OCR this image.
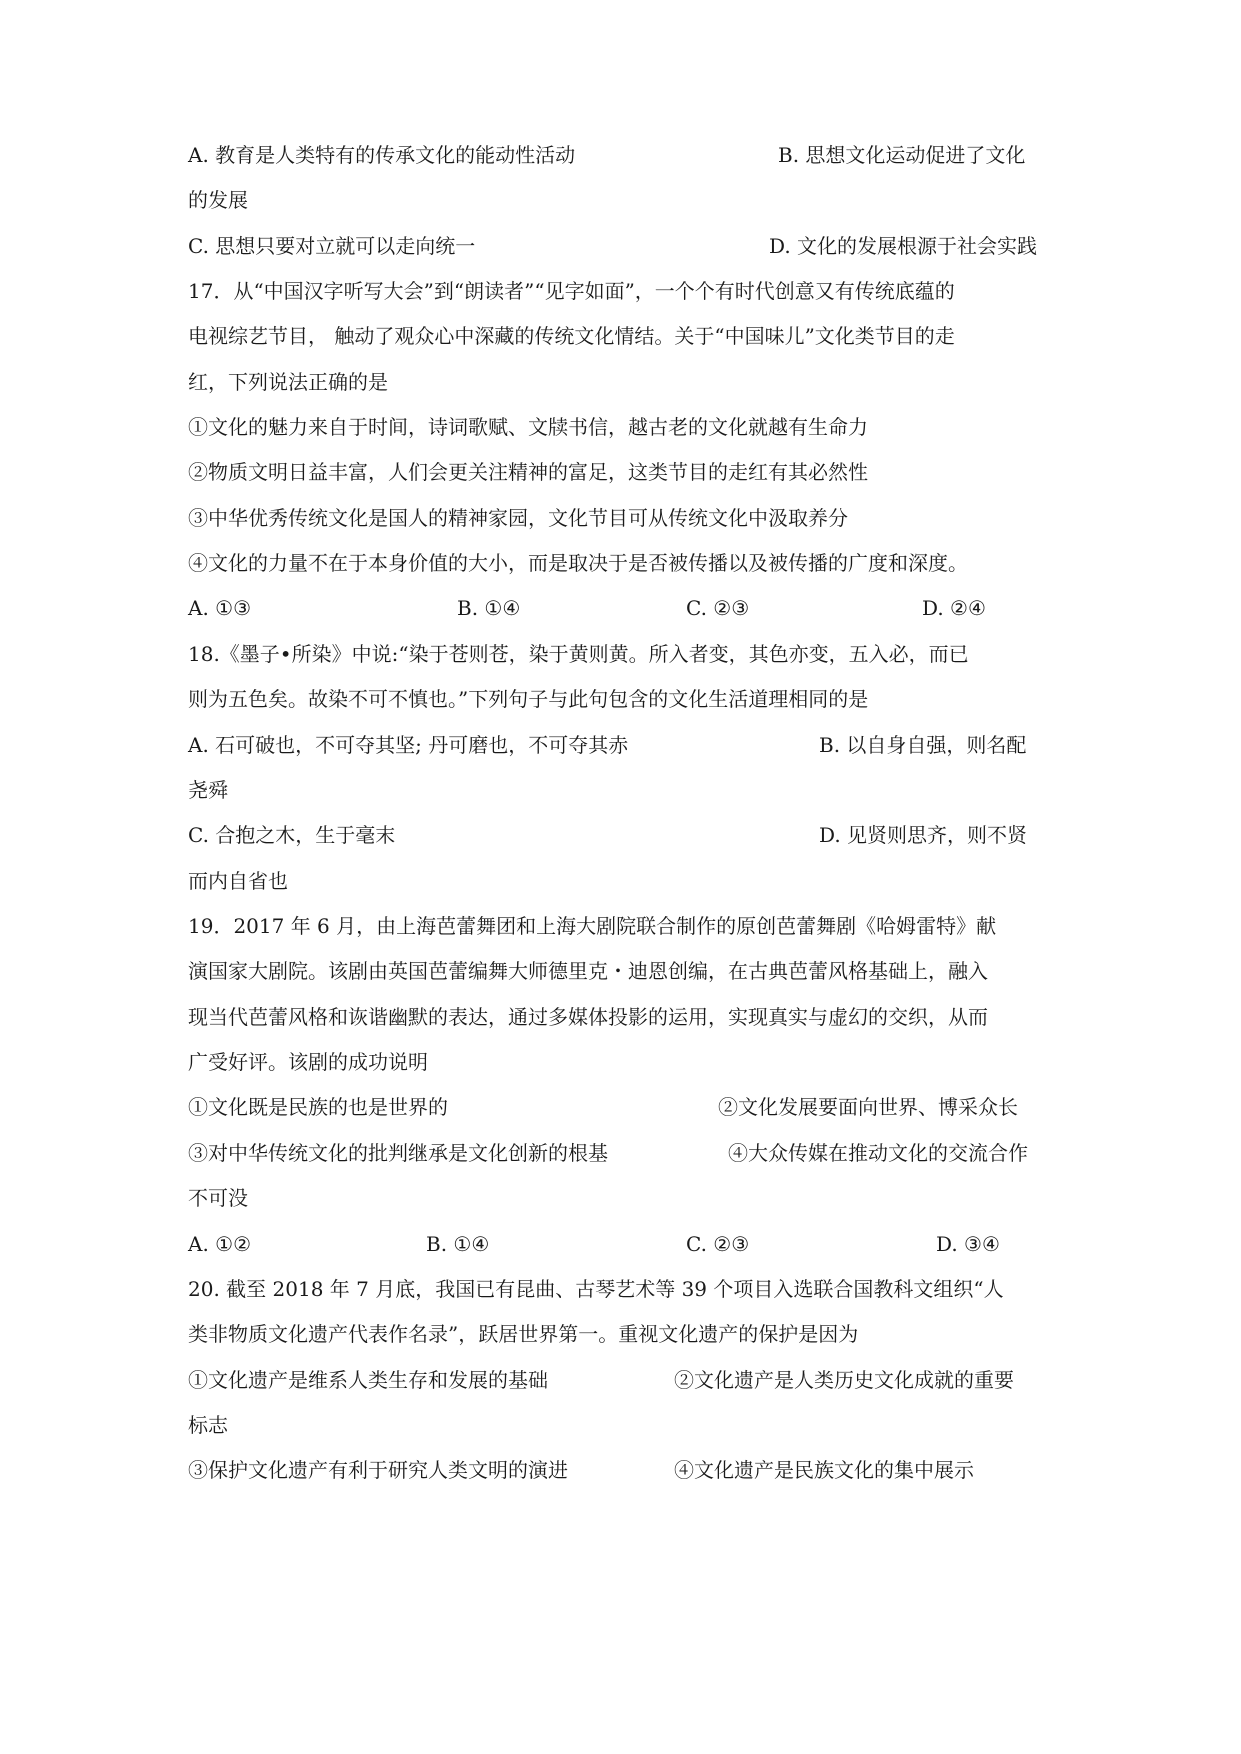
A. 教育是人类特有的传承文化的能动性活动	B. 思想文化运动促进了文化
的发展
C. 思想只要对立就可以走向统一	D. 文化的发展根源于社会实践
17．从“中国汉字听写大会”到“朗读者”“见字如面”，一个个有时代创意又有传统底蕴的
电视综艺节目， 触动了观众心中深藏的传统文化情结。关于“中国味儿”文化类节目的走
红，下列说法正确的是
①文化的魅力来自于时间，诗词歌赋、文牍书信，越古老的文化就越有生命力
②物质文明日益丰富，人们会更关注精神的富足，这类节目的走红有其必然性
③中华优秀传统文化是国人的精神家园，文化节目可从传统文化中汲取养分
④文化的力量不在于本身价值的大小，而是取决于是否被传播以及被传播的广度和深度。
A. ①③	B. ①④	C. ②③	D. ②④
18.《墨子•所染》中说:“染于苍则苍，染于黄则黄。所入者变，其色亦变，五入必，而已
则为五色矣。故染不可不慎也。”下列句子与此句包含的文化生活道理相同的是
A. 石可破也，不可夺其坚; 丹可磨也，不可夺其赤	B. 以自身自强，则名配
尧舜
C. 合抱之木，生于毫末	D. 见贤则思齐，则不贤
而内自省也
19．2017 年 6 月，由上海芭蕾舞团和上海大剧院联合制作的原创芭蕾舞剧《哈姆雷特》献
演国家大剧院。该剧由英国芭蕾编舞大师德里克・迪恩创编，在古典芭蕾风格基础上，融入
现当代芭蕾风格和诙谐幽默的表达，通过多媒体投影的运用，实现真实与虚幻的交织，从而
广受好评。该剧的成功说明
①文化既是民族的也是世界的	②文化发展要面向世界、博采众长
③对中华传统文化的批判继承是文化创新的根基	④大众传媒在推动文化的交流合作
不可没
A. ①②	B. ①④	C. ②③	D. ③④
20. 截至 2018 年 7 月底，我国已有昆曲、古琴艺术等 39 个项目入选联合国教科文组织“人
类非物质文化遗产代表作名录”，跃居世界第一。重视文化遗产的保护是因为
①文化遗产是维系人类生存和发展的基础	②文化遗产是人类历史文化成就的重要
标志
③保护文化遗产有利于研究人类文明的演进	④文化遗产是民族文化的集中展示
